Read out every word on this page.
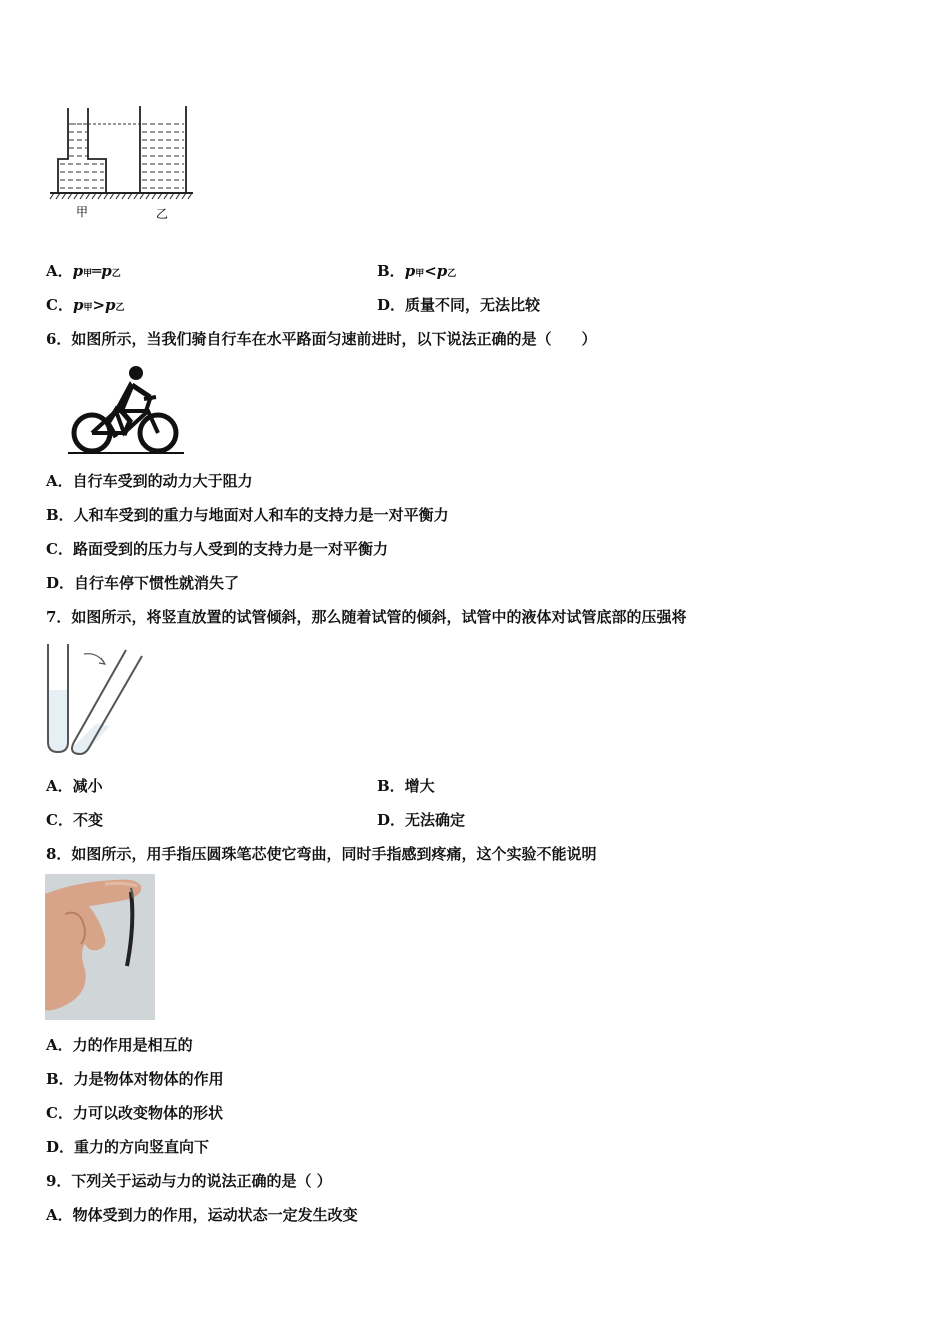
甲	乙
A．p甲═p乙	B．p甲<p乙
C．p甲>p乙	D．质量不同，无法比较
6．如图所示，当我们骑自行车在水平路面匀速前进时，以下说法正确的是（　　）
A．自行车受到的动力大于阻力
B．人和车受到的重力与地面对人和车的支持力是一对平衡力
C．路面受到的压力与人受到的支持力是一对平衡力
D．自行车停下惯性就消失了
7．如图所示，将竖直放置的试管倾斜，那么随着试管的倾斜，试管中的液体对试管底部的压强将
A．减小	B．增大
C．不变	D．无法确定
8．如图所示，用手指压圆珠笔芯使它弯曲，同时手指感到疼痛，这个实验不能说明
A．力的作用是相互的
B．力是物体对物体的作用
C．力可以改变物体的形状
D．重力的方向竖直向下
9．下列关于运动与力的说法正确的是（ ）
A．物体受到力的作用，运动状态一定发生改变
